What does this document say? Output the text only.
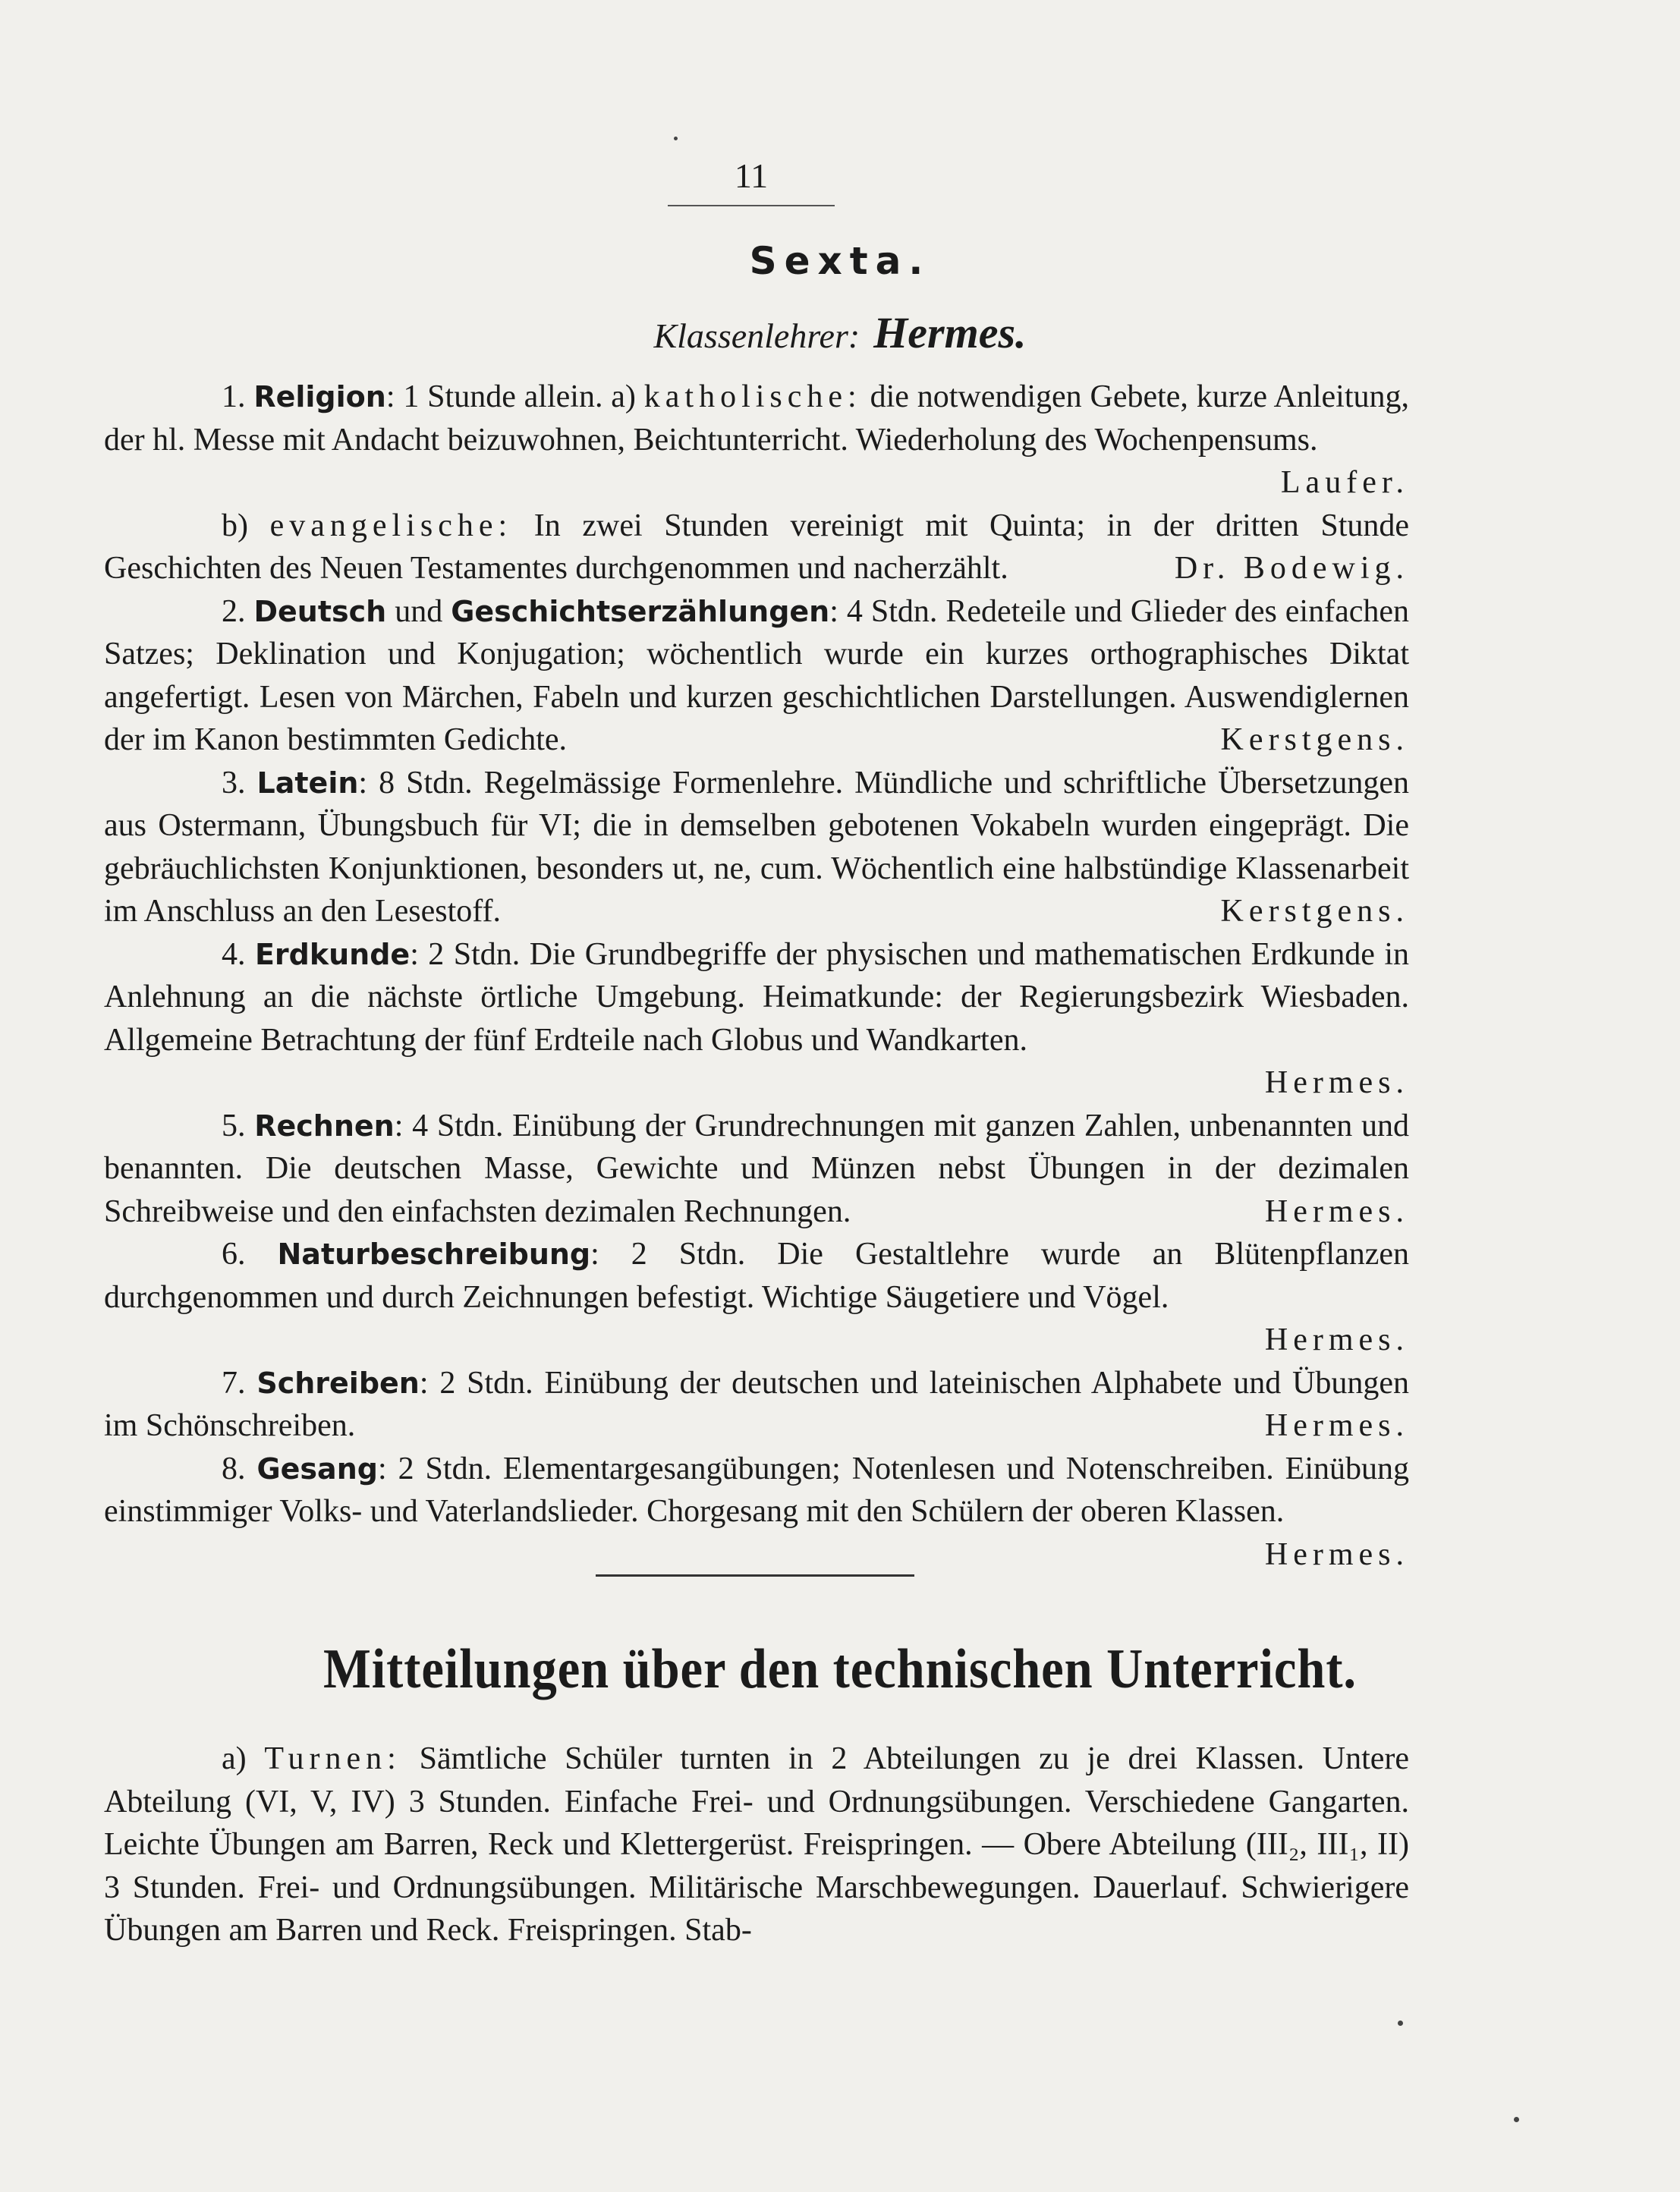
11
Sexta.
Klassenlehrer: Hermes.

1. Religion: 1 Stunde allein. a) katholische: die notwendigen Gebete, kurze Anleitung, der hl. Messe mit Andacht beizuwohnen, Beichtunterricht. Wiederholung des Wochenpensums.
Laufer.

b) evangelische: In zwei Stunden vereinigt mit Quinta; in der dritten Stunde Geschichten des Neuen Testamentes durchgenommen und nacherzählt.	Dr. Bodewig.

2. Deutsch und Geschichtserzählungen: 4 Stdn. Redeteile und Glieder des einfachen Satzes; Deklination und Konjugation; wöchentlich wurde ein kurzes orthographisches Diktat angefertigt. Lesen von Märchen, Fabeln und kurzen geschichtlichen Darstellungen. Auswendiglernen der im Kanon bestimmten Gedichte.	Kerstgens.

3. Latein: 8 Stdn. Regelmässige Formenlehre. Mündliche und schriftliche Übersetzungen aus Ostermann, Übungsbuch für VI; die in demselben gebotenen Vokabeln wurden eingeprägt. Die gebräuchlichsten Konjunktionen, besonders ut, ne, cum. Wöchentlich eine halbstündige Klassenarbeit im Anschluss an den Lesestoff.	Kerstgens.

4. Erdkunde: 2 Stdn. Die Grundbegriffe der physischen und mathematischen Erdkunde in Anlehnung an die nächste örtliche Umgebung. Heimatkunde: der Regierungsbezirk Wiesbaden. Allgemeine Betrachtung der fünf Erdteile nach Globus und Wandkarten.

Hermes.

5. Rechnen: 4 Stdn. Einübung der Grundrechnungen mit ganzen Zahlen, unbenannten und benannten. Die deutschen Masse, Gewichte und Münzen nebst Übungen in der dezimalen Schreibweise und den einfachsten dezimalen Rechnungen.	Hermes.

6. Naturbeschreibung: 2 Stdn. Die Gestaltlehre wurde an Blütenpflanzen durchgenommen und durch Zeichnungen befestigt. Wichtige Säugetiere und Vögel.

Hermes.

7. Schreiben: 2 Stdn. Einübung der deutschen und lateinischen Alphabete und Übungen im Schönschreiben.	Hermes.

8. Gesang: 2 Stdn. Elementargesangübungen; Notenlesen und Notenschreiben. Einübung einstimmiger Volks- und Vaterlandslieder. Chorgesang mit den Schülern der oberen Klassen.
Hermes.

Mitteilungen über den technischen Unterricht.

a) Turnen: Sämtliche Schüler turnten in 2 Abteilungen zu je drei Klassen. Untere Abteilung (VI, V, IV) 3 Stunden. Einfache Frei- und Ordnungsübungen. Verschiedene Gangarten. Leichte Übungen am Barren, Reck und Klettergerüst. Freispringen. — Obere Abteilung (III₂, III₁, II) 3 Stunden. Frei- und Ordnungsübungen. Militärische Marschbewegungen. Dauerlauf. Schwierigere Übungen am Barren und Reck. Freispringen. Stab-
